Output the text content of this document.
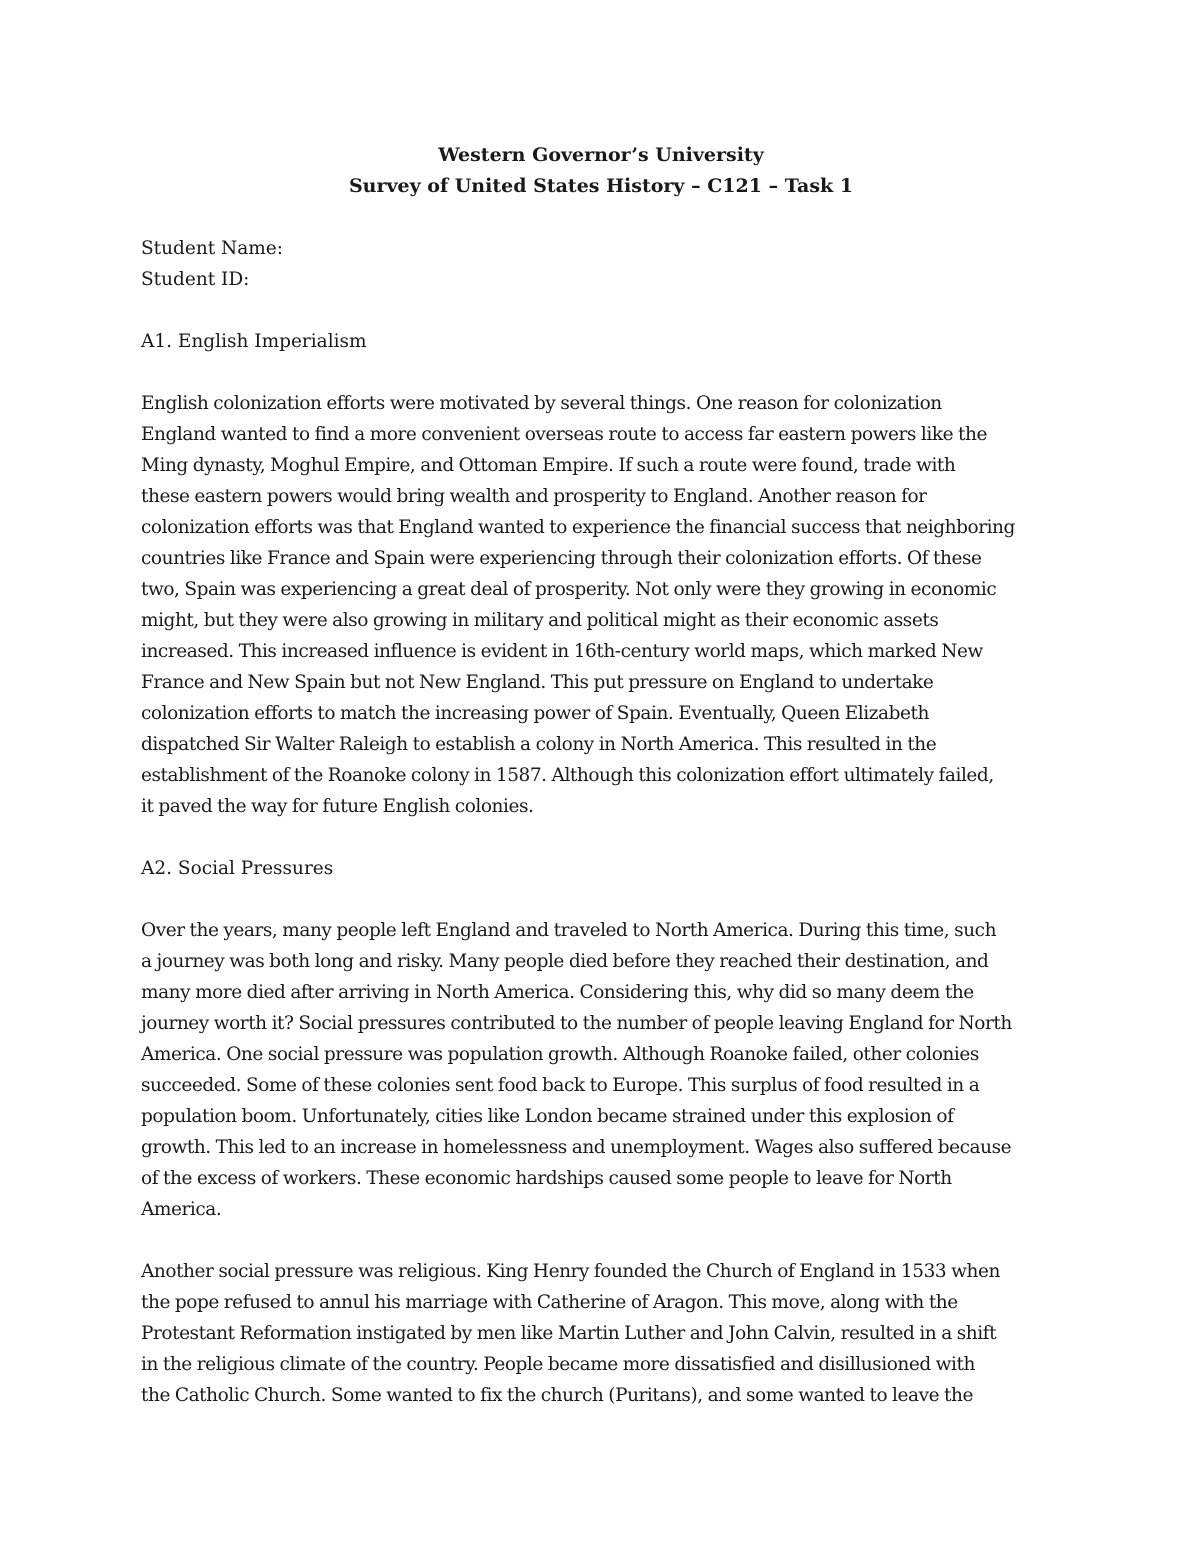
Western Governor’s University

Survey of United States History – C121 – Task 1

Student Name:

Student ID:

A1. English Imperialism

English colonization efforts were motivated by several things. One reason for colonization
England wanted to find a more convenient overseas route to access far eastern powers like the
Ming dynasty, Moghul Empire, and Ottoman Empire. If such a route were found, trade with
these eastern powers would bring wealth and prosperity to England. Another reason for
colonization efforts was that England wanted to experience the financial success that neighboring
countries like France and Spain were experiencing through their colonization efforts. Of these
two, Spain was experiencing a great deal of prosperity. Not only were they growing in economic
might, but they were also growing in military and political might as their economic assets
increased. This increased influence is evident in 16th-century world maps, which marked New
France and New Spain but not New England. This put pressure on England to undertake
colonization efforts to match the increasing power of Spain. Eventually, Queen Elizabeth
dispatched Sir Walter Raleigh to establish a colony in North America. This resulted in the
establishment of the Roanoke colony in 1587. Although this colonization effort ultimately failed,
it paved the way for future English colonies.

A2. Social Pressures

Over the years, many people left England and traveled to North America. During this time, such
a journey was both long and risky. Many people died before they reached their destination, and
many more died after arriving in North America. Considering this, why did so many deem the
journey worth it? Social pressures contributed to the number of people leaving England for North
America. One social pressure was population growth. Although Roanoke failed, other colonies
succeeded. Some of these colonies sent food back to Europe. This surplus of food resulted in a
population boom. Unfortunately, cities like London became strained under this explosion of
growth. This led to an increase in homelessness and unemployment. Wages also suffered because
of the excess of workers. These economic hardships caused some people to leave for North
America.
Another social pressure was religious. King Henry founded the Church of England in 1533 when
the pope refused to annul his marriage with Catherine of Aragon. This move, along with the
Protestant Reformation instigated by men like Martin Luther and John Calvin, resulted in a shift
in the religious climate of the country. People became more dissatisfied and disillusioned with
the Catholic Church. Some wanted to fix the church (Puritans), and some wanted to leave the
